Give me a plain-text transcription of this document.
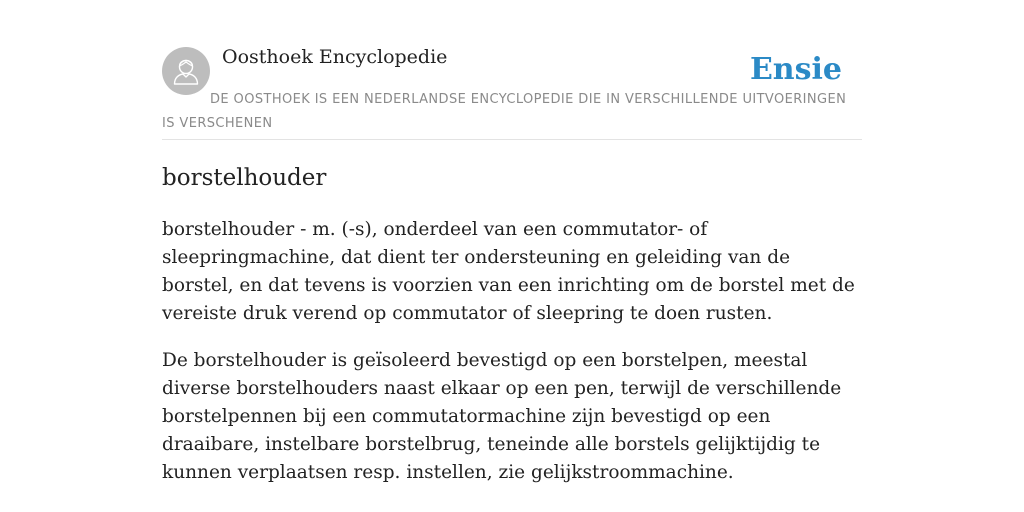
Oosthoek Encyclopedie	Ensie
DE OOSTHOEK IS EEN NEDERLANDSE ENCYCLOPEDIE DIE IN VERSCHILLENDE UITVOERINGEN IS VERSCHENEN
borstelhouder

borstelhouder - m. (-s), onderdeel van een commutator- of sleepringmachine, dat dient ter ondersteuning en geleiding van de borstel, en dat tevens is voorzien van een inrichting om de borstel met de vereiste druk verend op commutator of sleepring te doen rusten.

De borstelhouder is geïsoleerd bevestigd op een borstelpen, meestal diverse borstelhouders naast elkaar op een pen, terwijl de verschillende borstelpennen bij een commutatormachine zijn bevestigd op een draaibare, instelbare borstelbrug, teneinde alle borstels gelijktijdig te kunnen verplaatsen resp. instellen, zie gelijkstroommachine.
